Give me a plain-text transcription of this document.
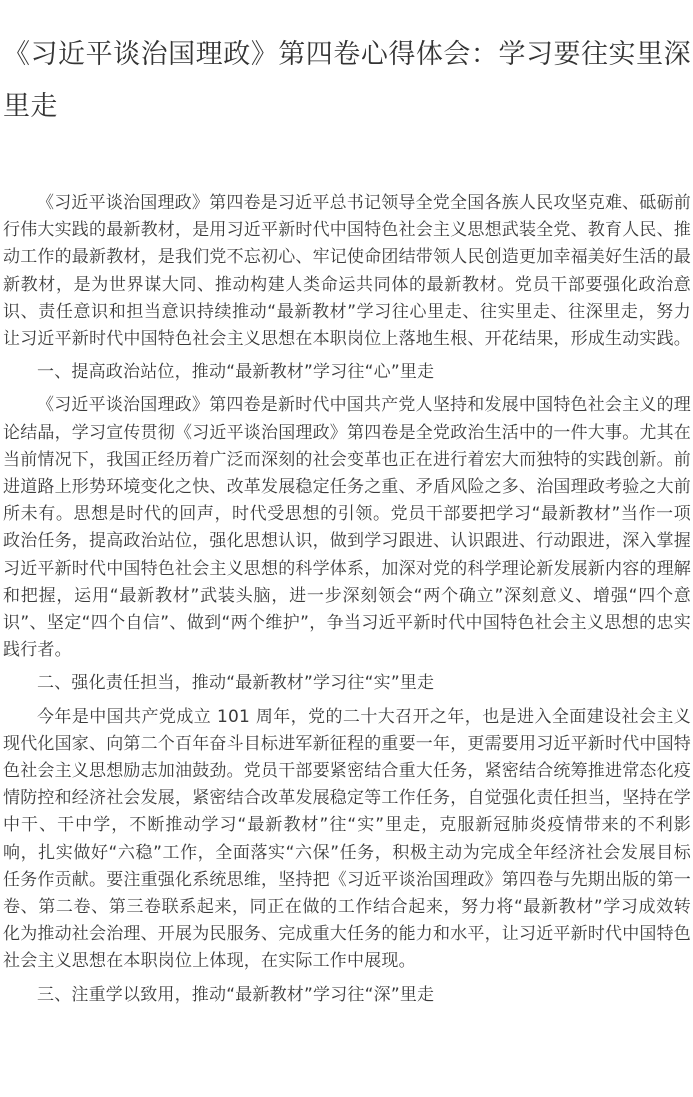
《习近平谈治国理政》第四卷心得体会：学习要往实里深里走

《习近平谈治国理政》第四卷是习近平总书记领导全党全国各族人民攻坚克难、砥砺前行伟大实践的最新教材，是用习近平新时代中国特色社会主义思想武装全党、教育人民、推动工作的最新教材，是我们党不忘初心、牢记使命团结带领人民创造更加幸福美好生活的最新教材，是为世界谋大同、推动构建人类命运共同体的最新教材。党员干部要强化政治意识、责任意识和担当意识持续推动“最新教材”学习往心里走、往实里走、往深里走，努力让习近平新时代中国特色社会主义思想在本职岗位上落地生根、开花结果，形成生动实践。

一、提高政治站位，推动“最新教材”学习往“心”里走

《习近平谈治国理政》第四卷是新时代中国共产党人坚持和发展中国特色社会主义的理论结晶，学习宣传贯彻《习近平谈治国理政》第四卷是全党政治生活中的一件大事。尤其在当前情况下，我国正经历着广泛而深刻的社会变革也正在进行着宏大而独特的实践创新。前进道路上形势环境变化之快、改革发展稳定任务之重、矛盾风险之多、治国理政考验之大前所未有。思想是时代的回声，时代受思想的引领。党员干部要把学习“最新教材”当作一项政治任务，提高政治站位，强化思想认识，做到学习跟进、认识跟进、行动跟进，深入掌握习近平新时代中国特色社会主义思想的科学体系，加深对党的科学理论新发展新内容的理解和把握，运用“最新教材”武装头脑，进一步深刻领会“两个确立”深刻意义、增强“四个意识”、坚定“四个自信”、做到“两个维护”，争当习近平新时代中国特色社会主义思想的忠实践行者。

二、强化责任担当，推动“最新教材”学习往“实”里走

今年是中国共产党成立 101 周年，党的二十大召开之年，也是进入全面建设社会主义现代化国家、向第二个百年奋斗目标进军新征程的重要一年，更需要用习近平新时代中国特色社会主义思想励志加油鼓劲。党员干部要紧密结合重大任务，紧密结合统筹推进常态化疫情防控和经济社会发展，紧密结合改革发展稳定等工作任务，自觉强化责任担当，坚持在学中干、干中学，不断推动学习“最新教材”往“实”里走，克服新冠肺炎疫情带来的不利影响，扎实做好“六稳”工作，全面落实“六保”任务，积极主动为完成全年经济社会发展目标任务作贡献。要注重强化系统思维，坚持把《习近平谈治国理政》第四卷与先期出版的第一卷、第二卷、第三卷联系起来，同正在做的工作结合起来，努力将“最新教材”学习成效转化为推动社会治理、开展为民服务、完成重大任务的能力和水平，让习近平新时代中国特色社会主义思想在本职岗位上体现，在实际工作中展现。

三、注重学以致用，推动“最新教材”学习往“深”里走
